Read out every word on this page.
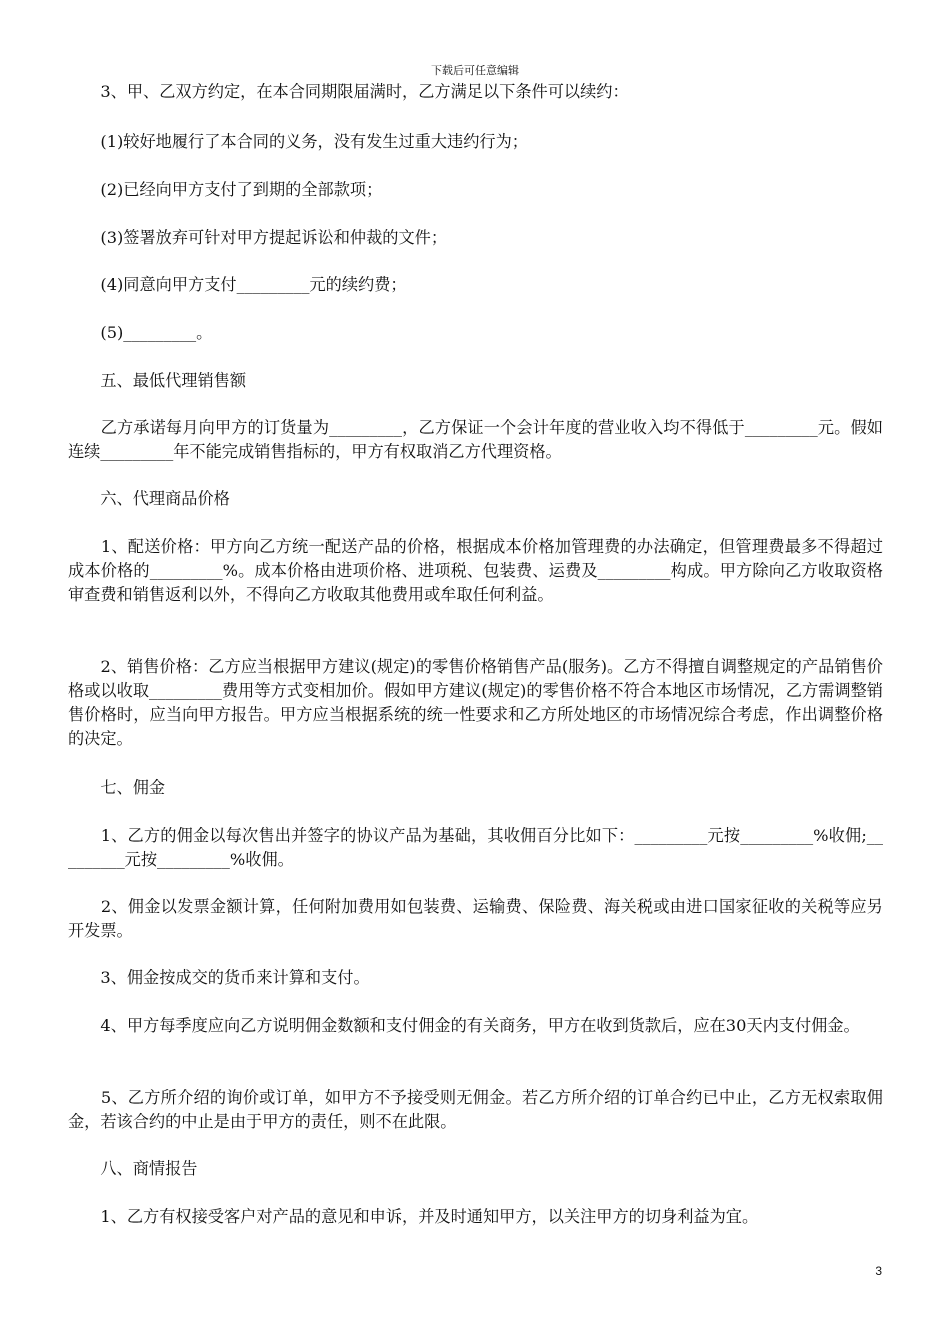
下载后可任意编辑
　　3、甲、乙双方约定，在本合同期限届满时，乙方满足以下条件可以续约：
　　(1)较好地履行了本合同的义务，没有发生过重大违约行为；
　　(2)已经向甲方支付了到期的全部款项；
　　(3)签署放弃可针对甲方提起诉讼和仲裁的文件；
　　(4)同意向甲方支付_________元的续约费；
　　(5)_________。
　　五、最低代理销售额
　　乙方承诺每月向甲方的订货量为_________，乙方保证一个会计年度的营业收入均不得低于_________元。假如连续_________年不能完成销售指标的，甲方有权取消乙方代理资格。
　　六、代理商品价格
　　1、配送价格：甲方向乙方统一配送产品的价格，根据成本价格加管理费的办法确定，但管理费最多不得超过成本价格的_________%。成本价格由进项价格、进项税、包装费、运费及_________构成。甲方除向乙方收取资格审查费和销售返利以外，不得向乙方收取其他费用或牟取任何利益。
　　2、销售价格：乙方应当根据甲方建议(规定)的零售价格销售产品(服务)。乙方不得擅自调整规定的产品销售价格或以收取_________费用等方式变相加价。假如甲方建议(规定)的零售价格不符合本地区市场情况，乙方需调整销售价格时，应当向甲方报告。甲方应当根据系统的统一性要求和乙方所处地区的市场情况综合考虑，作出调整价格的决定。
　　七、佣金
　　1、乙方的佣金以每次售出并签字的协议产品为基础，其收佣百分比如下：_________元按_________%收佣;_________元按_________%收佣。
　　2、佣金以发票金额计算，任何附加费用如包装费、运输费、保险费、海关税或由进口国家征收的关税等应另开发票。
　　3、佣金按成交的货币来计算和支付。
　　4、甲方每季度应向乙方说明佣金数额和支付佣金的有关商务，甲方在收到货款后，应在30天内支付佣金。
　　5、乙方所介绍的询价或订单，如甲方不予接受则无佣金。若乙方所介绍的订单合约已中止，乙方无权索取佣金，若该合约的中止是由于甲方的责任，则不在此限。
　　八、商情报告
　　1、乙方有权接受客户对产品的意见和申诉，并及时通知甲方，以关注甲方的切身利益为宜。
3
